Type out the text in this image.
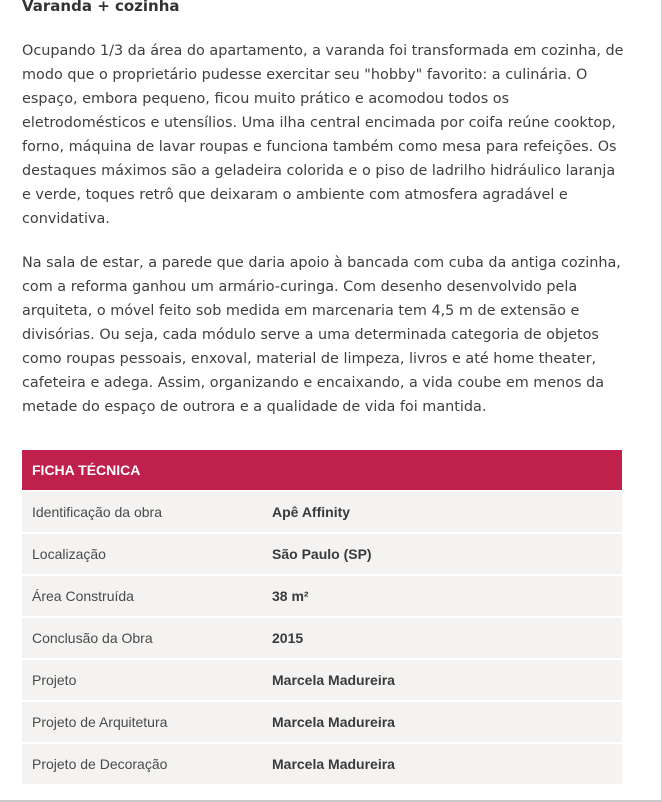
Varanda + cozinha

Ocupando 1/3 da área do apartamento, a varanda foi transformada em cozinha, de modo que o proprietário pudesse exercitar seu "hobby" favorito: a culinária. O espaço, embora pequeno, ficou muito prático e acomodou todos os eletrodomésticos e utensílios. Uma ilha central encimada por coifa reúne cooktop, forno, máquina de lavar roupas e funciona também como mesa para refeições. Os destaques máximos são a geladeira colorida e o piso de ladrilho hidráulico laranja e verde, toques retrô que deixaram o ambiente com atmosfera agradável e convidativa.

Na sala de estar, a parede que daria apoio à bancada com cuba da antiga cozinha, com a reforma ganhou um armário-curinga. Com desenho desenvolvido pela arquiteta, o móvel feito sob medida em marcenaria tem 4,5 m de extensão e divisórias. Ou seja, cada módulo serve a uma determinada categoria de objetos como roupas pessoais, enxoval, material de limpeza, livros e até home theater, cafeteira e adega. Assim, organizando e encaixando, a vida coube em menos da metade do espaço de outrora e a qualidade de vida foi mantida.

FICHA TÉCNICA
Identificação da obra	Apê Affinity
Localização	São Paulo (SP)
Área Construída	38 m²
Conclusão da Obra	2015
Projeto	Marcela Madureira
Projeto de Arquitetura	Marcela Madureira
Projeto de Decoração	Marcela Madureira
